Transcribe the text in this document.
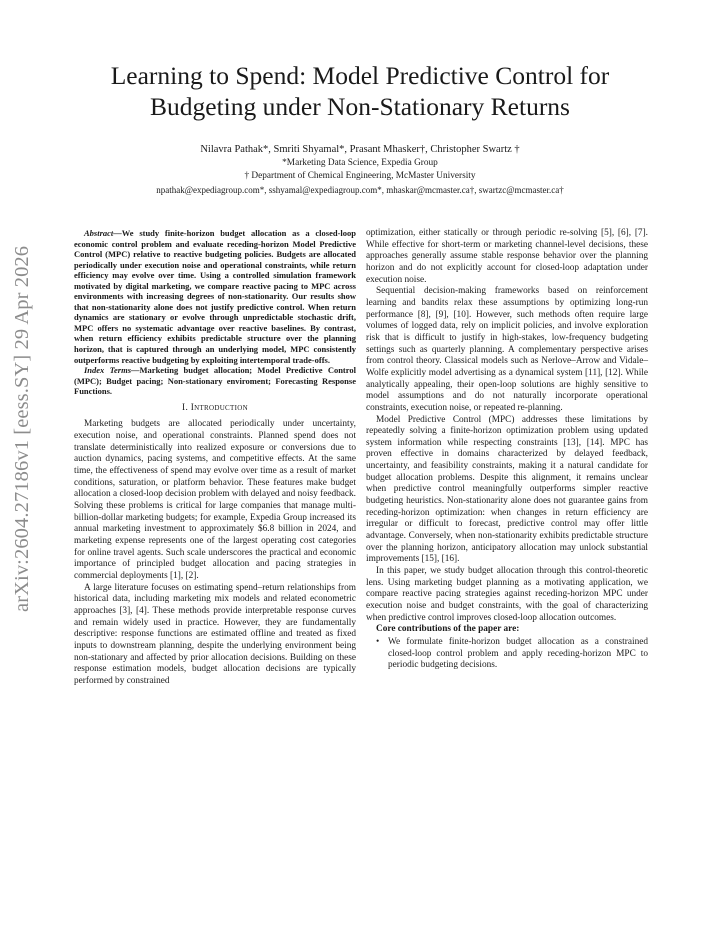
arXiv:2604.27186v1 [eess.SY] 29 Apr 2026
Learning to Spend: Model Predictive Control for
Budgeting under Non-Stationary Returns
Nilavra Pathak*, Smriti Shyamal*, Prasant Mhasker†, Christopher Swartz †
*Marketing Data Science, Expedia Group
† Department of Chemical Engineering, McMaster University
npathak@expediagroup.com*, sshyamal@expediagroup.com*, mhaskar@mcmaster.ca†, swartzc@mcmaster.ca†

Abstract—We study finite-horizon budget allocation as a closed-loop economic control problem and evaluate receding-horizon Model Predictive Control (MPC) relative to reactive budgeting policies. Budgets are allocated periodically under execution noise and operational constraints, while return efficiency may evolve over time. Using a controlled simulation framework motivated by digital marketing, we compare reactive pacing to MPC across environments with increasing degrees of non-stationarity. Our results show that non-stationarity alone does not justify predictive control. When return dynamics are stationary or evolve through unpredictable stochastic drift, MPC offers no systematic advantage over reactive baselines. By contrast, when return efficiency exhibits predictable structure over the planning horizon, that is captured through an underlying model, MPC consistently outperforms reactive budgeting by exploiting intertemporal trade-offs.

Index Terms—Marketing budget allocation; Model Predictive Control (MPC); Budget pacing; Non-stationary enviroment; Forecasting Response Functions.

I. Introduction

Marketing budgets are allocated periodically under uncertainty, execution noise, and operational constraints. Planned spend does not translate deterministically into realized exposure or conversions due to auction dynamics, pacing systems, and competitive effects. At the same time, the effectiveness of spend may evolve over time as a result of market conditions, saturation, or platform behavior. These features make budget allocation a closed-loop decision problem with delayed and noisy feedback. Solving these problems is critical for large companies that manage multi-billion-dollar marketing budgets; for example, Expedia Group increased its annual marketing investment to approximately $6.8 billion in 2024, and marketing expense represents one of the largest operating cost categories for online travel agents. Such scale underscores the practical and economic importance of principled budget allocation and pacing strategies in commercial deployments [1], [2].

A large literature focuses on estimating spend–return relationships from historical data, including marketing mix models and related econometric approaches [3], [4]. These methods provide interpretable response curves and remain widely used in practice. However, they are fundamentally descriptive: response functions are estimated offline and treated as fixed inputs to downstream planning, despite the underlying environment being non-stationary and affected by prior allocation decisions. Building on these response estimation models, budget allocation decisions are typically performed by constrained

optimization, either statically or through periodic re-solving [5], [6], [7]. While effective for short-term or marketing channel-level decisions, these approaches generally assume stable response behavior over the planning horizon and do not explicitly account for closed-loop adaptation under execution noise.

Sequential decision-making frameworks based on reinforcement learning and bandits relax these assumptions by optimizing long-run performance [8], [9], [10]. However, such methods often require large volumes of logged data, rely on implicit policies, and involve exploration risk that is difficult to justify in high-stakes, low-frequency budgeting settings such as quarterly planning. A complementary perspective arises from control theory. Classical models such as Nerlove–Arrow and Vidale–Wolfe explicitly model advertising as a dynamical system [11], [12]. While analytically appealing, their open-loop solutions are highly sensitive to model assumptions and do not naturally incorporate operational constraints, execution noise, or repeated re-planning.

Model Predictive Control (MPC) addresses these limitations by repeatedly solving a finite-horizon optimization problem using updated system information while respecting constraints [13], [14]. MPC has proven effective in domains characterized by delayed feedback, uncertainty, and feasibility constraints, making it a natural candidate for budget allocation problems. Despite this alignment, it remains unclear when predictive control meaningfully outperforms simpler reactive budgeting heuristics. Non-stationarity alone does not guarantee gains from receding-horizon optimization: when changes in return efficiency are irregular or difficult to forecast, predictive control may offer little advantage. Conversely, when non-stationarity exhibits predictable structure over the planning horizon, anticipatory allocation may unlock substantial improvements [15], [16].

In this paper, we study budget allocation through this control-theoretic lens. Using marketing budget planning as a motivating application, we compare reactive pacing strategies against receding-horizon MPC under execution noise and budget constraints, with the goal of characterizing when predictive control improves closed-loop allocation outcomes.

Core contributions of the paper are:

• We formulate finite-horizon budget allocation as a constrained closed-loop control problem and apply receding-horizon MPC to periodic budgeting decisions.
